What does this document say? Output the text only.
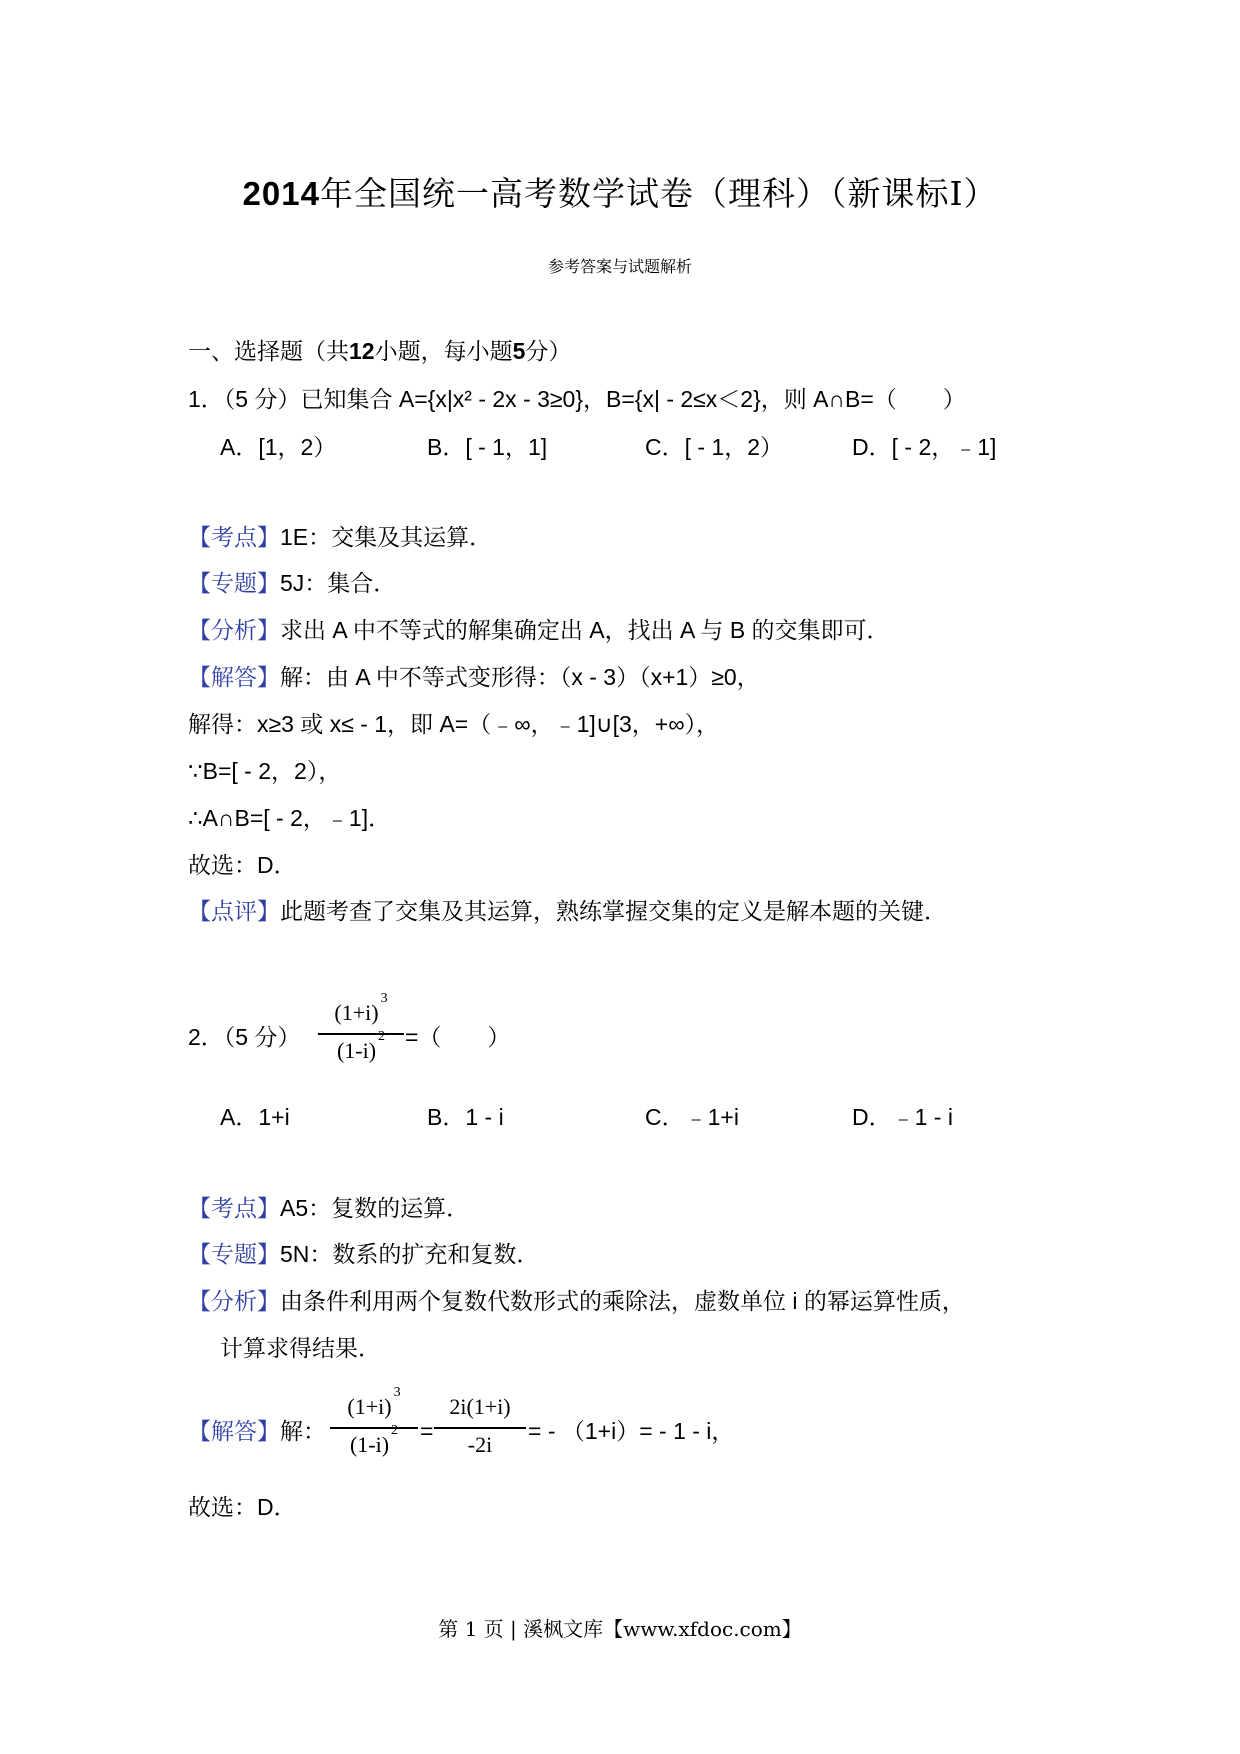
2014年全国统一高考数学试卷（理科）（新课标Ⅰ）
参考答案与试题解析
一、选择题（共12小题，每小题5分）
1．（5 分）已知集合 A={x|x² - 2x - 3≥0}，B={x| - 2≤x＜2}，则 A∩B=（　　）
A．[1，2）	B．[ - 1，1]	C．[ - 1，2）	D．[ - 2，﹣1]
【考点】1E：交集及其运算．
【专题】5J：集合．
【分析】求出 A 中不等式的解集确定出 A，找出 A 与 B 的交集即可．
【解答】解：由 A 中不等式变形得：（x - 3）（x+1）≥0，
解得：x≥3 或 x≤ - 1，即 A=（﹣∞，﹣1]∪[3，+∞），
∵B=[ - 2，2），
∴A∩B=[ - 2，﹣1]．
故选：D．
【点评】此题考查了交集及其运算，熟练掌握交集的定义是解本题的关键．
2．（5 分）
$(1+i)^3$
$(1-i)^2$ =（　　）
A．1+i	B．1 - i	C．﹣1+i	D．﹣1 - i
【考点】A5：复数的运算．
【专题】5N：数系的扩充和复数．
【分析】由条件利用两个复数代数形式的乘除法，虚数单位 i 的幂运算性质，
计算求得结果．
【解答】解：
$(1+i)^3$
$(1-i)^2$ =
2i(1+i)
-2i
= - （1+i）= - 1 - i，
故选：D．
第 1 页 | 溪枫文库【www.xfdoc.com】
